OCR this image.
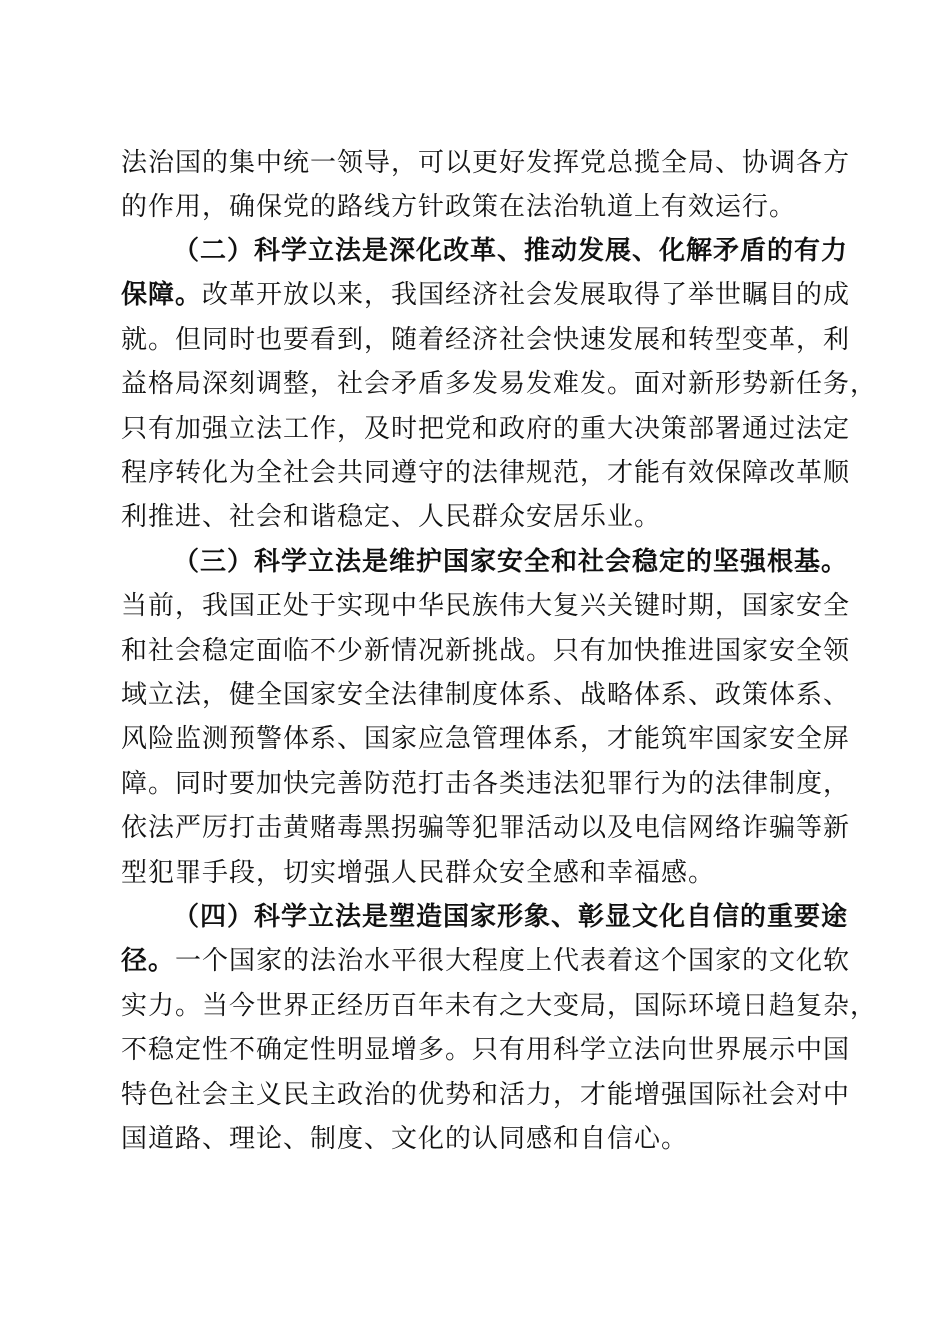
法治国的集中统一领导，可以更好发挥党总揽全局、协调各方
的作用，确保党的路线方针政策在法治轨道上有效运行。
（二）科学立法是深化改革、推动发展、化解矛盾的有力
保障。改革开放以来，我国经济社会发展取得了举世瞩目的成
就。但同时也要看到，随着经济社会快速发展和转型变革，利
益格局深刻调整，社会矛盾多发易发难发。面对新形势新任务，
只有加强立法工作，及时把党和政府的重大决策部署通过法定
程序转化为全社会共同遵守的法律规范，才能有效保障改革顺
利推进、社会和谐稳定、人民群众安居乐业。
（三）科学立法是维护国家安全和社会稳定的坚强根基。
当前，我国正处于实现中华民族伟大复兴关键时期，国家安全
和社会稳定面临不少新情况新挑战。只有加快推进国家安全领
域立法，健全国家安全法律制度体系、战略体系、政策体系、
风险监测预警体系、国家应急管理体系，才能筑牢国家安全屏
障。同时要加快完善防范打击各类违法犯罪行为的法律制度，
依法严厉打击黄赌毒黑拐骗等犯罪活动以及电信网络诈骗等新
型犯罪手段，切实增强人民群众安全感和幸福感。
（四）科学立法是塑造国家形象、彰显文化自信的重要途
径。一个国家的法治水平很大程度上代表着这个国家的文化软
实力。当今世界正经历百年未有之大变局，国际环境日趋复杂，
不稳定性不确定性明显增多。只有用科学立法向世界展示中国
特色社会主义民主政治的优势和活力，才能增强国际社会对中
国道路、理论、制度、文化的认同感和自信心。
